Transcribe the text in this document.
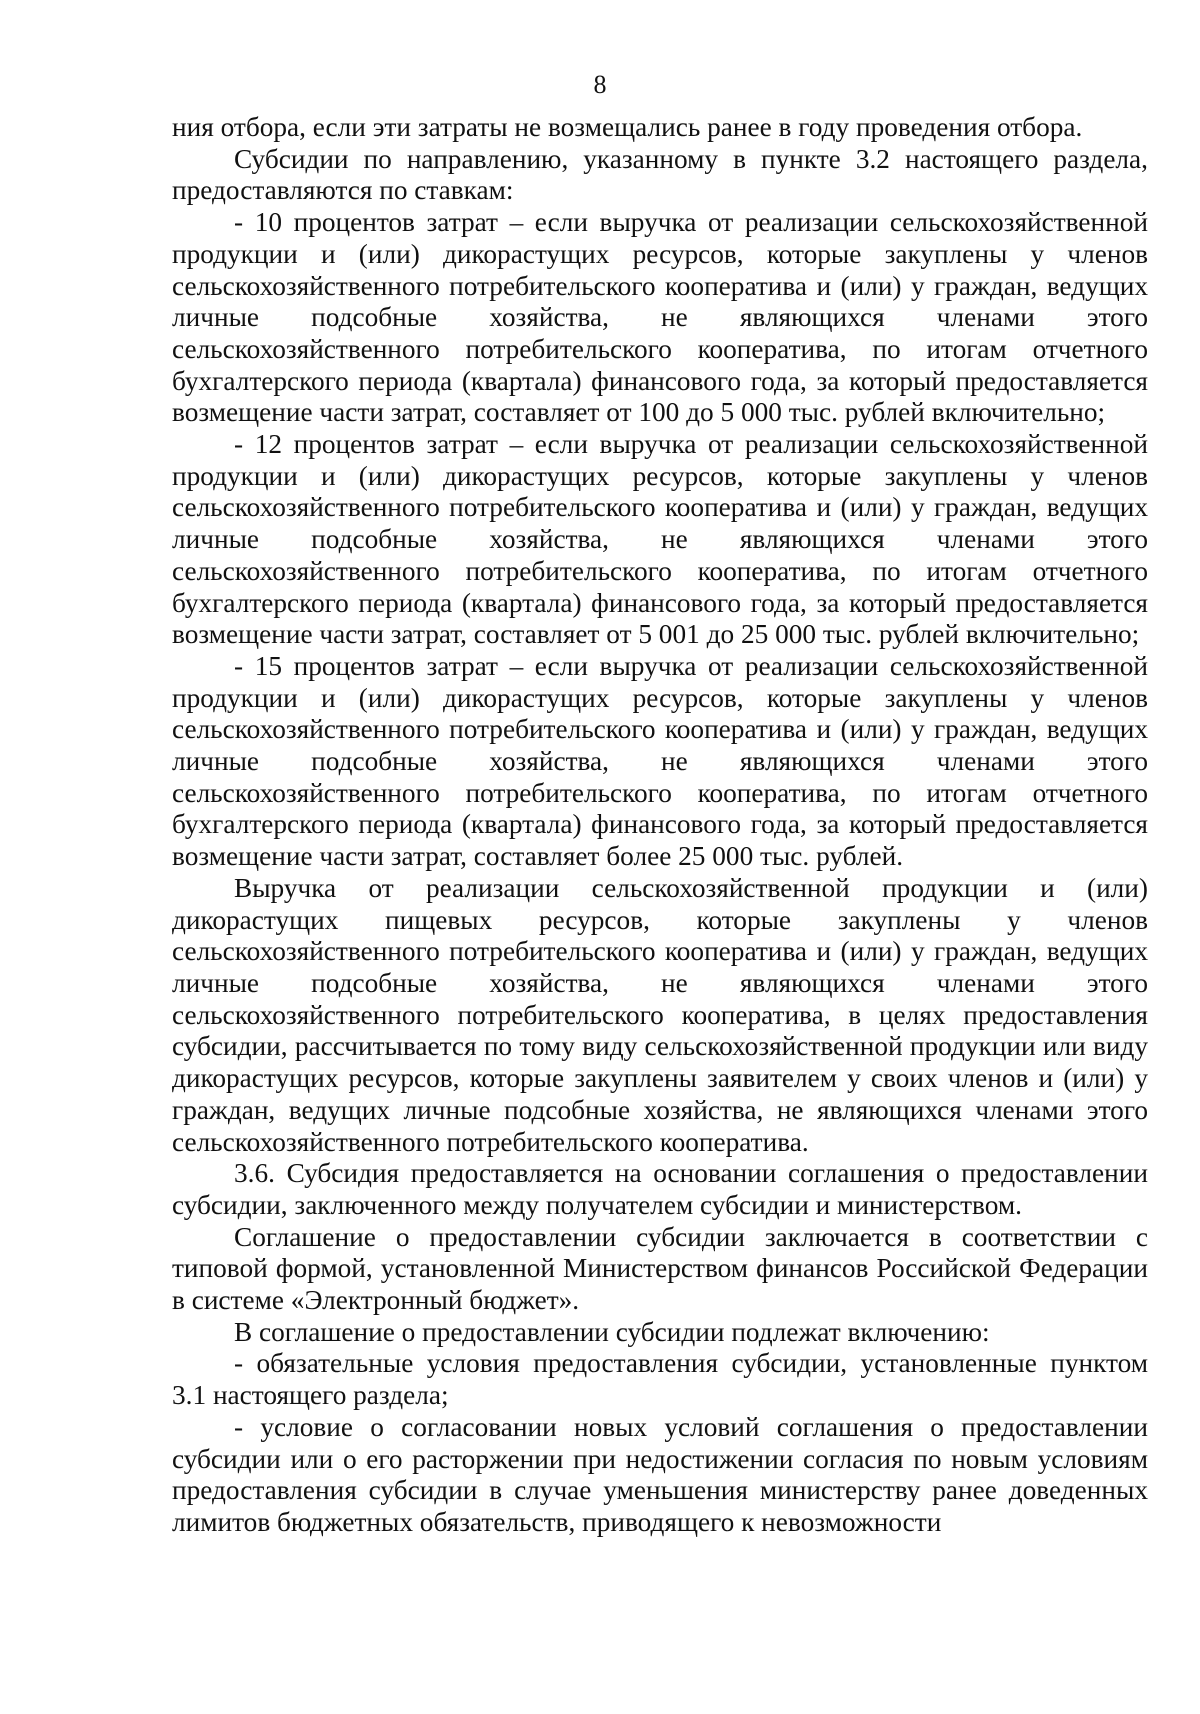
8

ния отбора, если эти затраты не возмещались ранее в году проведения отбора.

Субсидии по направлению, указанному в пункте 3.2 настоящего раздела, предоставляются по ставкам:

- 10 процентов затрат – если выручка от реализации сельскохозяйственной продукции и (или) дикорастущих ресурсов, которые закуплены у членов сельскохозяйственного потребительского кооператива и (или) у граждан, ведущих личные подсобные хозяйства, не являющихся членами этого сельскохозяйственного потребительского кооператива, по итогам отчетного бухгалтерского периода (квартала) финансового года, за который предоставляется возмещение части затрат, составляет от 100 до 5 000 тыс. рублей включительно;

- 12 процентов затрат – если выручка от реализации сельскохозяйственной продукции и (или) дикорастущих ресурсов, которые закуплены у членов сельскохозяйственного потребительского кооператива и (или) у граждан, ведущих личные подсобные хозяйства, не являющихся членами этого сельскохозяйственного потребительского кооператива, по итогам отчетного бухгалтерского периода (квартала) финансового года, за который предоставляется возмещение части затрат, составляет от 5 001 до 25 000 тыс. рублей включительно;

- 15 процентов затрат – если выручка от реализации сельскохозяйственной продукции и (или) дикорастущих ресурсов, которые закуплены у членов сельскохозяйственного потребительского кооператива и (или) у граждан, ведущих личные подсобные хозяйства, не являющихся членами этого сельскохозяйственного потребительского кооператива, по итогам отчетного бухгалтерского периода (квартала) финансового года, за который предоставляется возмещение части затрат, составляет более 25 000 тыс. рублей.

Выручка от реализации сельскохозяйственной продукции и (или) дикорастущих пищевых ресурсов, которые закуплены у членов сельскохозяйственного потребительского кооператива и (или) у граждан, ведущих личные подсобные хозяйства, не являющихся членами этого сельскохозяйственного потребительского кооператива, в целях предоставления субсидии, рассчитывается по тому виду сельскохозяйственной продукции или виду дикорастущих ресурсов, которые закуплены заявителем у своих членов и (или) у граждан, ведущих личные подсобные хозяйства, не являющихся членами этого сельскохозяйственного потребительского кооператива.

3.6. Субсидия предоставляется на основании соглашения о предоставлении субсидии, заключенного между получателем субсидии и министерством.

Соглашение о предоставлении субсидии заключается в соответствии с типовой формой, установленной Министерством финансов Российской Федерации в системе «Электронный бюджет».

В соглашение о предоставлении субсидии подлежат включению:

- обязательные условия предоставления субсидии, установленные пунктом 3.1 настоящего раздела;

- условие о согласовании новых условий соглашения о предоставлении субсидии или о его расторжении при недостижении согласия по новым условиям предоставления субсидии в случае уменьшения министерству ранее доведенных лимитов бюджетных обязательств, приводящего к невозможности
